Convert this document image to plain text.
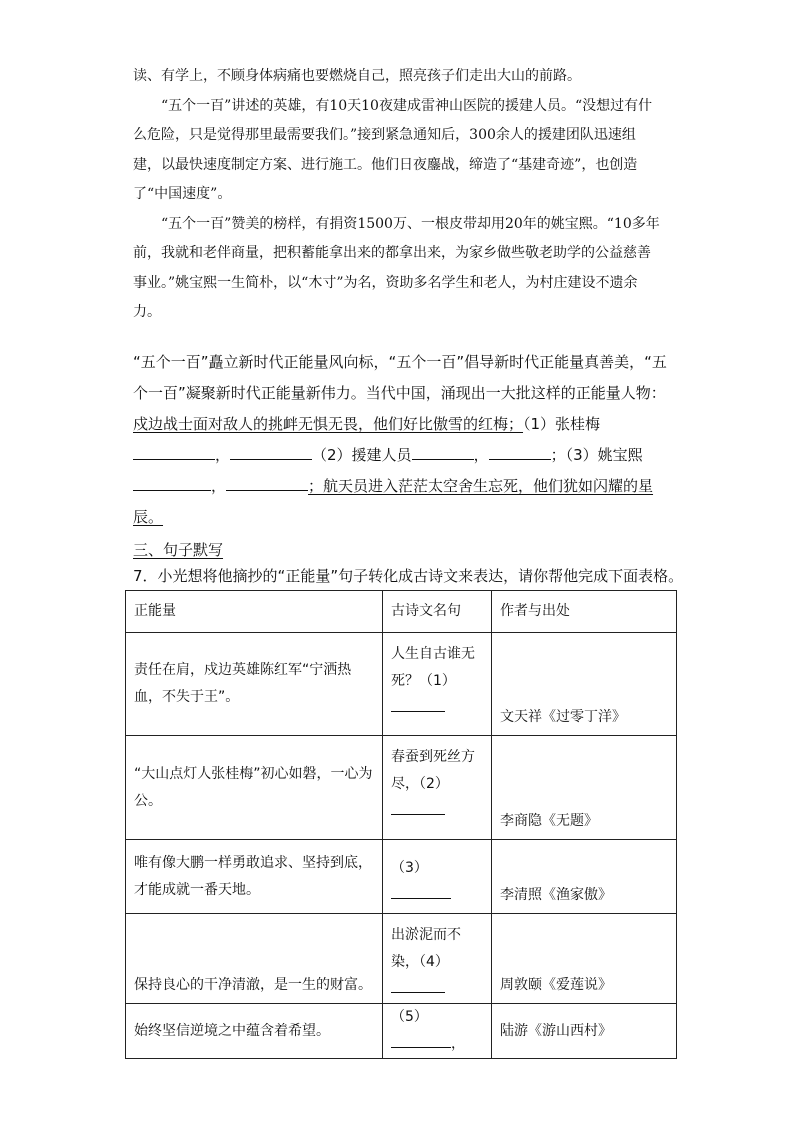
读、有学上，不顾身体病痛也要燃烧自己，照亮孩子们走出大山的前路。

“五个一百”讲述的英雄，有10天10夜建成雷神山医院的援建人员。“没想过有什么危险，只是觉得那里最需要我们。”接到紧急通知后，300余人的援建团队迅速组建，以最快速度制定方案、进行施工。他们日夜鏖战，缔造了“基建奇迹”，也创造了“中国速度”。

“五个一百”赞美的榜样，有捐资1500万、一根皮带却用20年的姚宝熙。“10多年前，我就和老伴商量，把积蓄能拿出来的都拿出来，为家乡做些敬老助学的公益慈善事业。”姚宝熙一生简朴，以“木寸”为名，资助多名学生和老人，为村庄建设不遗余力。

“五个一百”矗立新时代正能量风向标，“五个一百”倡导新时代正能量真善美，“五个一百”凝聚新时代正能量新伟力。当代中国，涌现出一大批这样的正能量人物：戍边战士面对敌人的挑衅无惧无畏，他们好比傲雪的红梅；（1）张桂梅，	（2）援建人员	，	；（3）姚宝熙，	；航天员进入茫茫太空舍生忘死，他们犹如闪耀的星辰。

三、句子默写
7．小光想将他摘抄的“正能量”句子转化成古诗文来表达，请你帮他完成下面表格。
正能量	古诗文名句	作者与出处
责任在肩，戍边英雄陈红军“宁洒热血，不失于王”。	人生自古谁无死？（1）	文天祥《过零丁洋》
“大山点灯人张桂梅”初心如磐，一心为公。	春蚕到死丝方尽，（2）	李商隐《无题》
唯有像大鹏一样勇敢追求、坚持到底，才能成就一番天地。	（3）	李清照《渔家傲》
保持良心的干净清澈，是一生的财富。	出淤泥而不染，（4）	周敦颐《爱莲说》
始终坚信逆境之中蕴含着希望。	（5），	陆游《游山西村》
